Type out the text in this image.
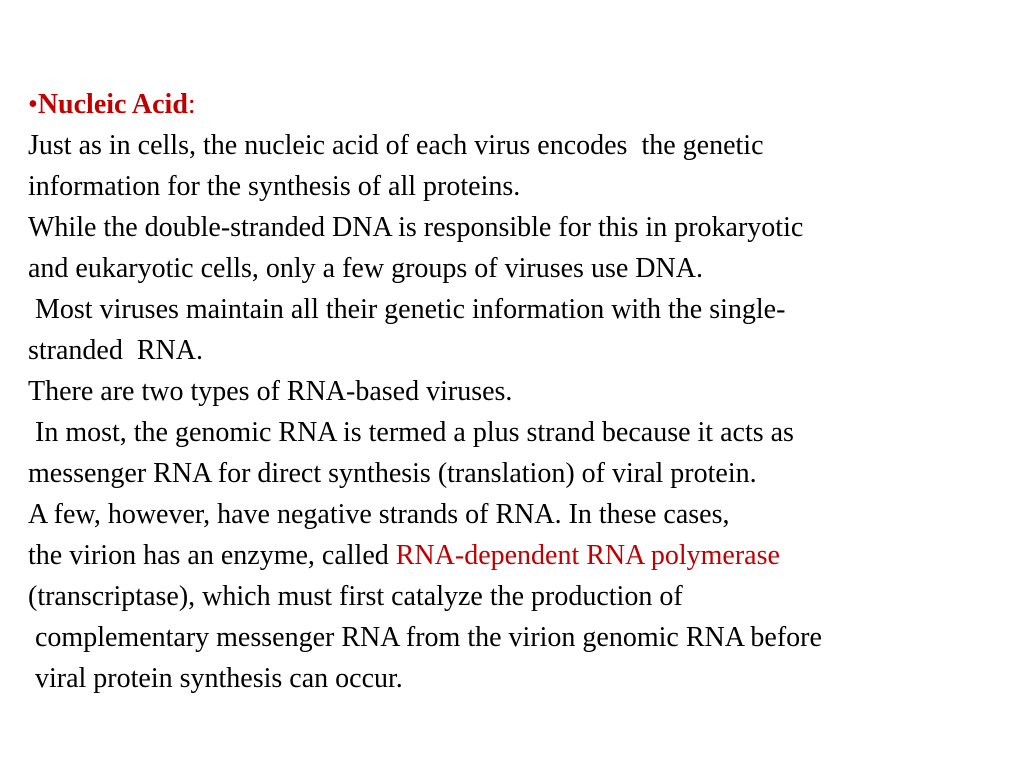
•Nucleic Acid:
Just as in cells, the nucleic acid of each virus encodes  the genetic
information for the synthesis of all proteins.
While the double-stranded DNA is responsible for this in prokaryotic
and eukaryotic cells, only a few groups of viruses use DNA.
Most viruses maintain all their genetic information with the single-
stranded  RNA.
There are two types of RNA-based viruses.
In most, the genomic RNA is termed a plus strand because it acts as
messenger RNA for direct synthesis (translation) of viral protein.
A few, however, have negative strands of RNA. In these cases,
the virion has an enzyme, called RNA-dependent RNA polymerase
(transcriptase), which must first catalyze the production of
complementary messenger RNA from the virion genomic RNA before
viral protein synthesis can occur.
